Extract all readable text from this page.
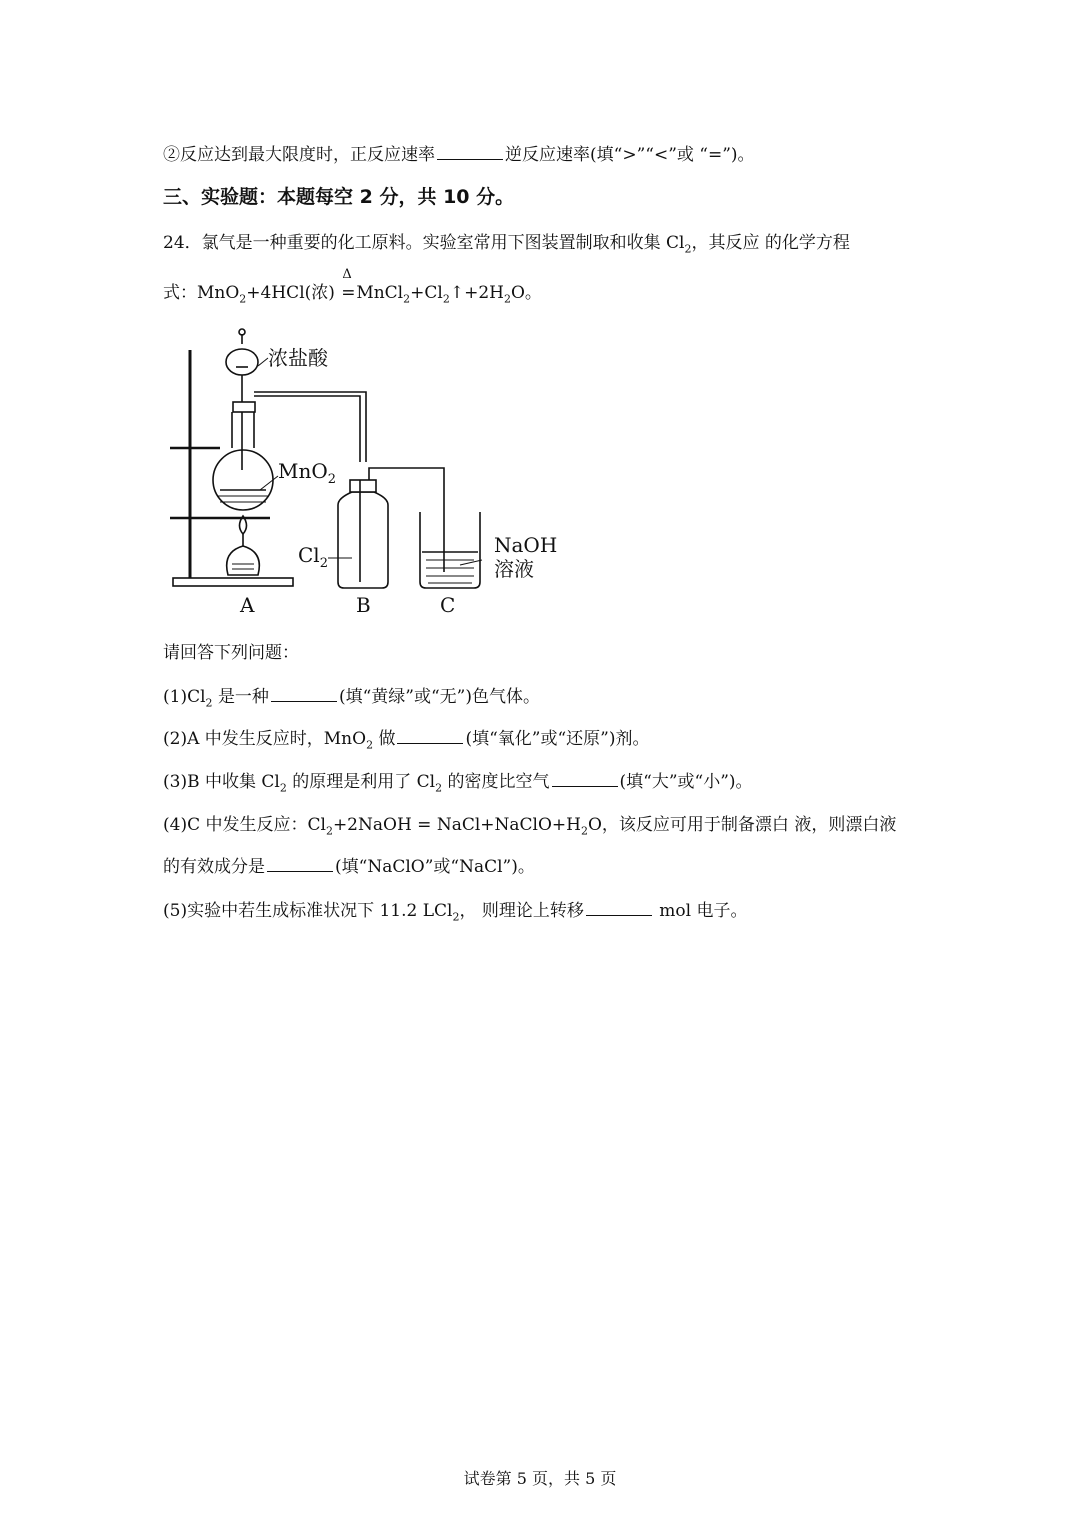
②反应达到最大限度时，正反应速率	逆反应速率(填“>”“<”或 “=”)。
三、实验题：本题每空 2 分，共 10 分。
24．氯气是一种重要的化工原料。实验室常用下图装置制取和收集 $Cl_2$，其反应 的化学方程
式：MnO$_2$+4HCl(浓)
Δ
$=MnCl_2+Cl_2↑+2H_2O$。
浓盐酸
MnO$_2$
$Cl_2$
NaOH
溶液
A	B	C
请回答下列问题：
$(1)Cl_2$ 是一种	(填“黄绿”或“无”)色气体。
(2)A 中发生反应时，MnO$_2$ 做	(填“氧化”或“还原”)剂。
(3)B 中收集 $Cl_2$ 的原理是利用了 $Cl_2$ 的密度比空气	(填“大”或“小”)。
(4)C 中发生反应：$Cl_2+2NaOH$ = $NaCl+NaClO+H_2O$，该反应可用于制备漂白 液，则漂白液
的有效成分是	(填“NaClO”或“NaCl”)。
(5)实验中若生成标准状况下 11.2 LCl$_2$， 则理论上转移	mol 电子。
试卷第 5 页，共 5 页
